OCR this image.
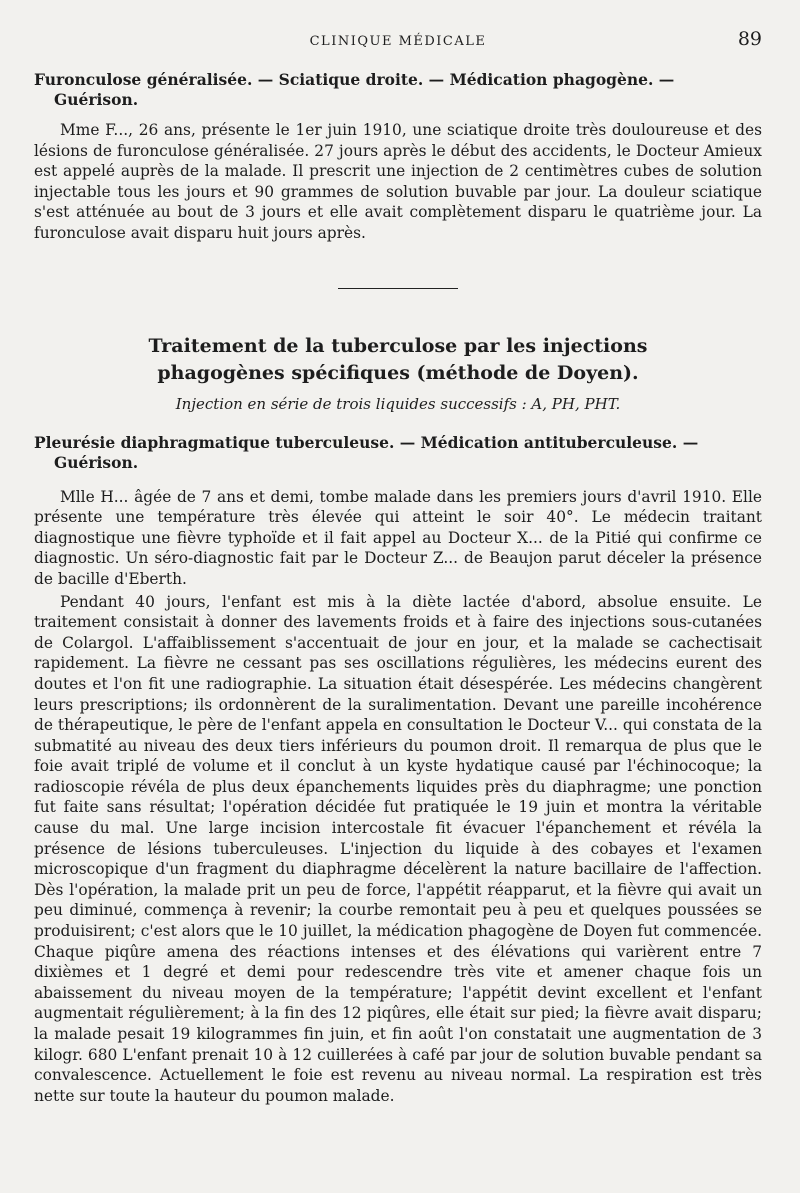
CLINIQUE MÉDICALE	89
Furonculose généralisée. — Sciatique droite. — Médication phagogène. — Guérison.

Mme F..., 26 ans, présente le 1er juin 1910, une sciatique droite très douloureuse et des lésions de furonculose généralisée. 27 jours après le début des accidents, le Docteur Amieux est appelé auprès de la malade. Il prescrit une injection de 2 centimètres cubes de solution injectable tous les jours et 90 grammes de solution buvable par jour. La douleur sciatique s'est atténuée au bout de 3 jours et elle avait complètement disparu le quatrième jour. La furonculose avait disparu huit jours après.

Traitement de la tuberculose par les injections
phagogènes spécifiques (méthode de Doyen).
Injection en série de trois liquides successifs : A, PH, PHT.
Pleurésie diaphragmatique tuberculeuse. — Médication antituberculeuse. — Guérison.

Mlle H... âgée de 7 ans et demi, tombe malade dans les premiers jours d'avril 1910. Elle présente une température très élevée qui atteint le soir 40°. Le médecin traitant diagnostique une fièvre typhoïde et il fait appel au Docteur X... de la Pitié qui confirme ce diagnostic. Un séro-diagnostic fait par le Docteur Z... de Beaujon parut déceler la présence de bacille d'Eberth.

Pendant 40 jours, l'enfant est mis à la diète lactée d'abord, absolue ensuite. Le traitement consistait à donner des lavements froids et à faire des injections sous-cutanées de Colargol. L'affaiblissement s'accentuait de jour en jour, et la malade se cachectisait rapidement. La fièvre ne cessant pas ses oscillations régulières, les médecins eurent des doutes et l'on fit une radiographie. La situation était désespérée. Les médecins changèrent leurs prescriptions; ils ordonnèrent de la suralimentation. Devant une pareille incohérence de thérapeutique, le père de l'enfant appela en consultation le Docteur V... qui constata de la submatité au niveau des deux tiers inférieurs du poumon droit. Il remarqua de plus que le foie avait triplé de volume et il conclut à un kyste hydatique causé par l'échinocoque; la radioscopie révéla de plus deux épanchements liquides près du diaphragme; une ponction fut faite sans résultat; l'opération décidée fut pratiquée le 19 juin et montra la véritable cause du mal. Une large incision intercostale fit évacuer l'épanchement et révéla la présence de lésions tuberculeuses. L'injection du liquide à des cobayes et l'examen microscopique d'un fragment du diaphragme décelèrent la nature bacillaire de l'affection. Dès l'opération, la malade prit un peu de force, l'appétit réapparut, et la fièvre qui avait un peu diminué, commença à revenir; la courbe remontait peu à peu et quelques poussées se produisirent; c'est alors que le 10 juillet, la médication phagogène de Doyen fut commencée. Chaque piqûre amena des réactions intenses et des élévations qui varièrent entre 7 dixièmes et 1 degré et demi pour redescendre très vite et amener chaque fois un abaissement du niveau moyen de la température; l'appétit devint excellent et l'enfant augmentait régulièrement; à la fin des 12 piqûres, elle était sur pied; la fièvre avait disparu; la malade pesait 19 kilogrammes fin juin, et fin août l'on constatait une augmentation de 3 kilogr. 680 L'enfant prenait 10 à 12 cuillerées à café par jour de solution buvable pendant sa convalescence. Actuellement le foie est revenu au niveau normal. La respiration est très nette sur toute la hauteur du poumon malade.
